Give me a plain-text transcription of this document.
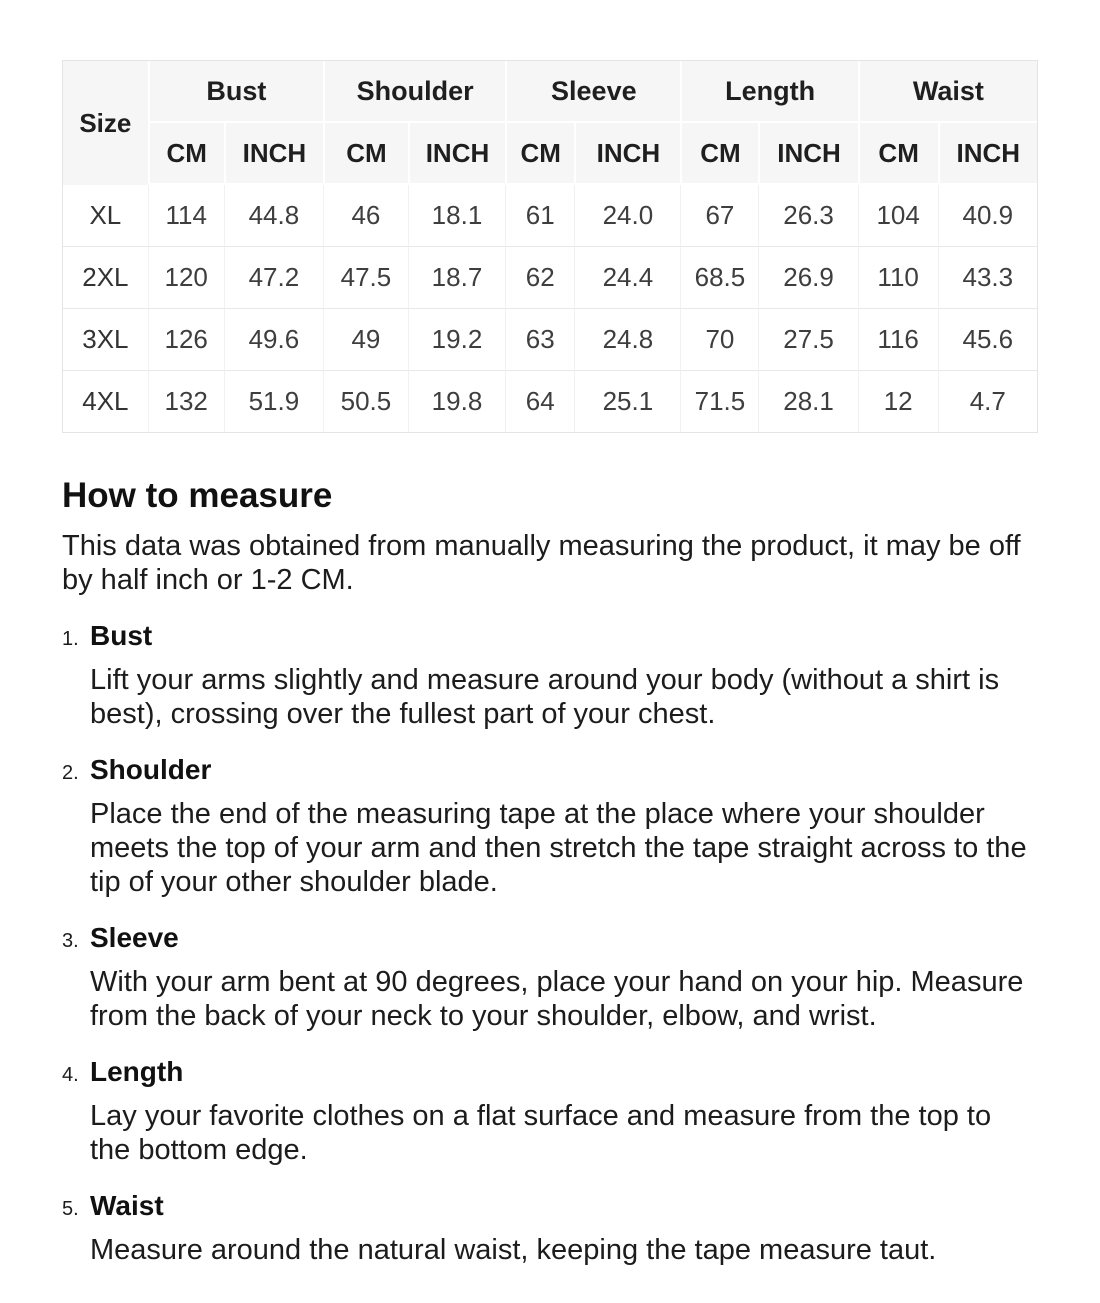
Size	Bust		Shoulder		Sleeve		Length		Waist	
	CM	INCH	CM	INCH	CM	INCH	CM	INCH	CM	INCH
XL	114	44.8	46	18.1	61	24.0	67	26.3	104	40.9
2XL	120	47.2	47.5	18.7	62	24.4	68.5	26.9	110	43.3
3XL	126	49.6	49	19.2	63	24.8	70	27.5	116	45.6
4XL	132	51.9	50.5	19.8	64	25.1	71.5	28.1	12	4.7
How to measure

This data was obtained from manually measuring the product, it may be off by half inch or 1-2 CM.

1. Bust

Lift your arms slightly and measure around your body (without a shirt is best), crossing over the fullest part of your chest.

2. Shoulder

Place the end of the measuring tape at the place where your shoulder meets the top of your arm and then stretch the tape straight across to the tip of your other shoulder blade.

3. Sleeve

With your arm bent at 90 degrees, place your hand on your hip. Measure from the back of your neck to your shoulder, elbow, and wrist.

4. Length

Lay your favorite clothes on a flat surface and measure from the top to the bottom edge.

5. Waist

Measure around the natural waist, keeping the tape measure taut.
